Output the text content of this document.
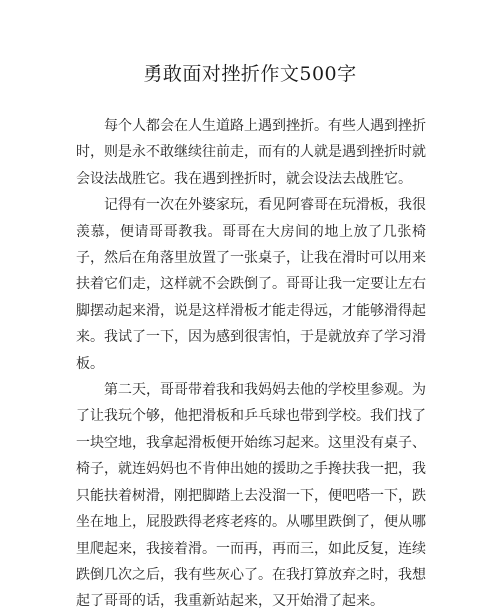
勇敢面对挫折作文500字

每个人都会在人生道路上遇到挫折。有些人遇到挫折时，则是永不敢继续往前走，而有的人就是遇到挫折时就会设法战胜它。我在遇到挫折时，就会设法去战胜它。

记得有一次在外婆家玩，看见阿睿哥在玩滑板，我很羡慕，便请哥哥教我。哥哥在大房间的地上放了几张椅子，然后在角落里放置了一张桌子，让我在滑时可以用来扶着它们走，这样就不会跌倒了。哥哥让我一定要让左右脚摆动起来滑，说是这样滑板才能走得远，才能够滑得起来。我试了一下，因为感到很害怕，于是就放弃了学习滑板。

第二天，哥哥带着我和我妈妈去他的学校里参观。为了让我玩个够，他把滑板和乒乓球也带到学校。我们找了一块空地，我拿起滑板便开始练习起来。这里没有桌子、椅子，就连妈妈也不肯伸出她的援助之手搀扶我一把，我只能扶着树滑，刚把脚踏上去没溜一下，便吧嗒一下，跌坐在地上，屁股跌得老疼老疼的。从哪里跌倒了，便从哪里爬起来，我接着滑。一而再，再而三，如此反复，连续跌倒几次之后，我有些灰心了。在我打算放弃之时，我想起了哥哥的话，我重新站起来，又开始滑了起来。
